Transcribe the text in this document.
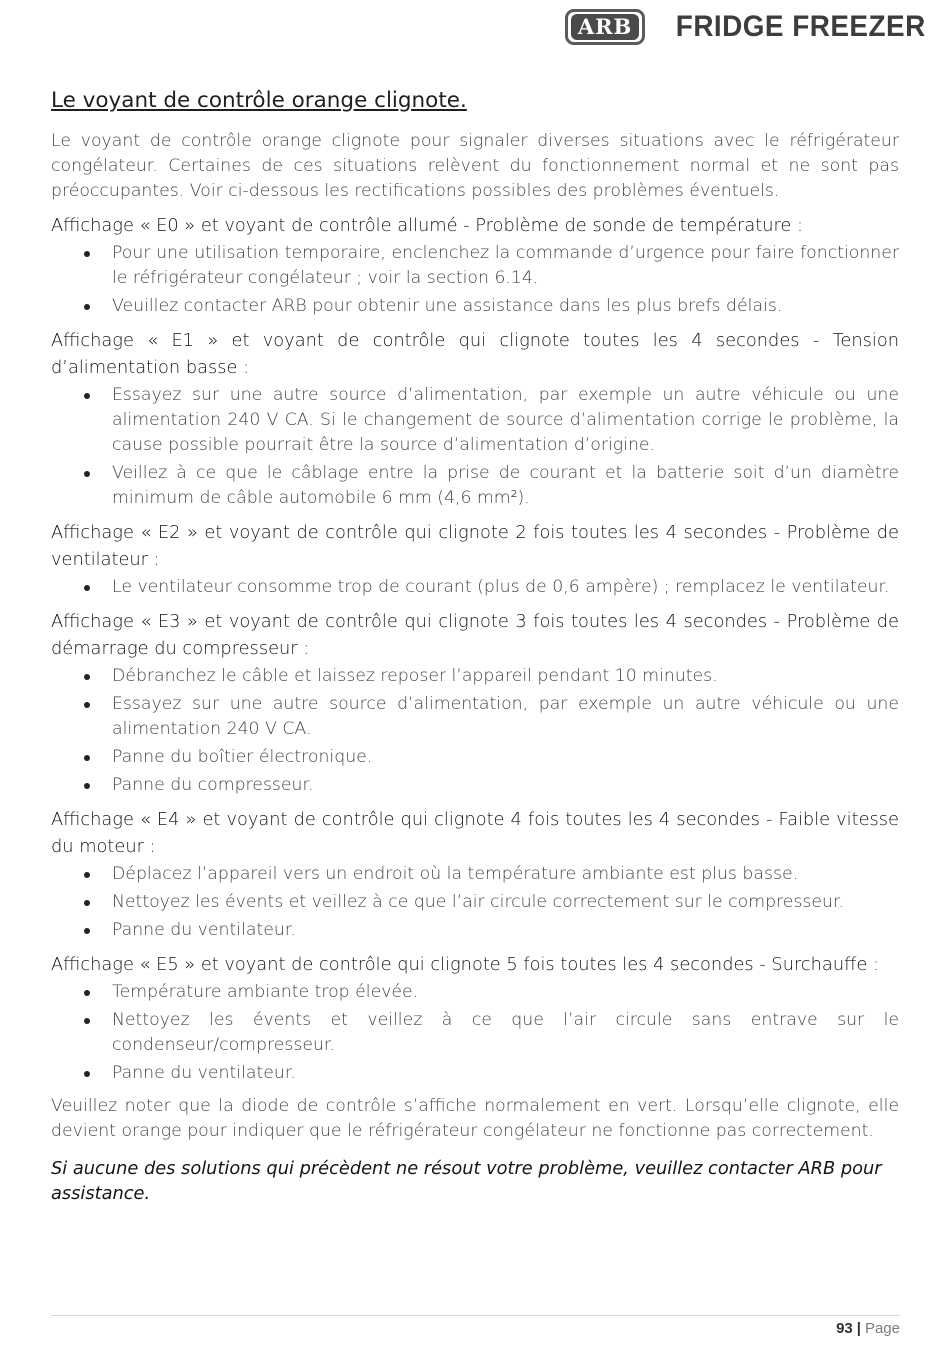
ARB FRIDGE FREEZER
Le voyant de contrôle orange clignote.

Le voyant de contrôle orange clignote pour signaler diverses situations avec le réfrigérateur congélateur. Certaines de ces situations relèvent du fonctionnement normal et ne sont pas préoccupantes. Voir ci-dessous les rectifications possibles des problèmes éventuels.

Affichage « E0 » et voyant de contrôle allumé - Problème de sonde de température :

Pour une utilisation temporaire, enclenchez la commande d’urgence pour faire fonctionner le réfrigérateur congélateur ; voir la section 6.14.
Veuillez contacter ARB pour obtenir une assistance dans les plus brefs délais.

Affichage « E1 » et voyant de contrôle qui clignote toutes les 4 secondes - Tension d’alimentation basse :

Essayez sur une autre source d’alimentation, par exemple un autre véhicule ou une alimentation 240 V CA. Si le changement de source d’alimentation corrige le problème, la cause possible pourrait être la source d’alimentation d’origine.
Veillez à ce que le câblage entre la prise de courant et la batterie soit d’un diamètre minimum de câble automobile 6 mm (4,6 mm²).

Affichage « E2 » et voyant de contrôle qui clignote 2 fois toutes les 4 secondes - Problème de ventilateur :

Le ventilateur consomme trop de courant (plus de 0,6 ampère) ; remplacez le ventilateur.

Affichage « E3 » et voyant de contrôle qui clignote 3 fois toutes les 4 secondes - Problème de démarrage du compresseur :

Débranchez le câble et laissez reposer l’appareil pendant 10 minutes.
Essayez sur une autre source d’alimentation, par exemple un autre véhicule ou une alimentation 240 V CA.
Panne du boîtier électronique.
Panne du compresseur.

Affichage « E4 » et voyant de contrôle qui clignote 4 fois toutes les 4 secondes - Faible vitesse du moteur :

Déplacez l’appareil vers un endroit où la température ambiante est plus basse.
Nettoyez les évents et veillez à ce que l’air circule correctement sur le compresseur.
Panne du ventilateur.

Affichage « E5 » et voyant de contrôle qui clignote 5 fois toutes les 4 secondes - Surchauffe :

Température ambiante trop élevée.
Nettoyez les évents et veillez à ce que l’air circule sans entrave sur le condenseur/compresseur.
Panne du ventilateur.

Veuillez noter que la diode de contrôle s’affiche normalement en vert. Lorsqu’elle clignote, elle devient orange pour indiquer que le réfrigérateur congélateur ne fonctionne pas correctement.

Si aucune des solutions qui précèdent ne résout votre problème, veuillez contacter ARB pour assistance.

93 | Page
